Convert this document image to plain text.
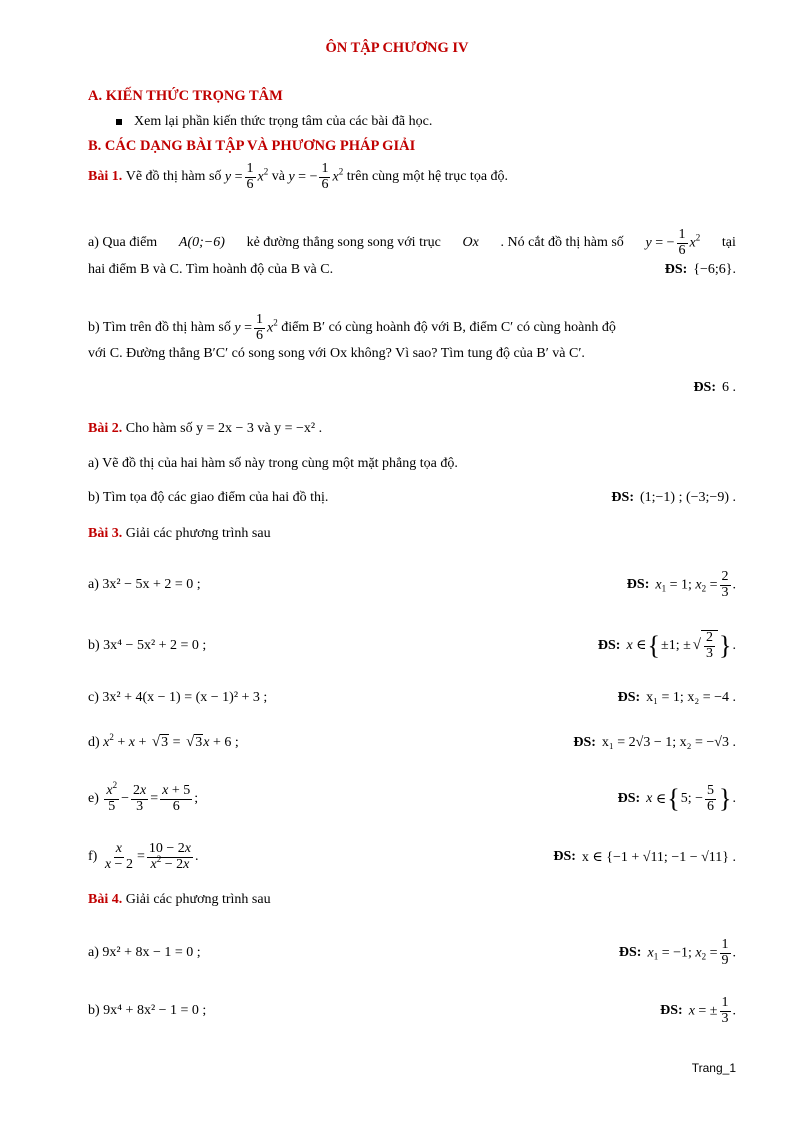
ÔN TẬP CHƯƠNG IV
A. KIẾN THỨC TRỌNG TÂM
Xem lại phần kiến thức trọng tâm của các bài đã học.
B. CÁC DẠNG BÀI TẬP VÀ PHƯƠNG PHÁP GIẢI
Bài 1.
Vẽ đồ thị hàm số
$y = \frac{1}{6} x^2$
và
y = − $\frac{1}{6} x^2$
trên cùng một hệ trục tọa độ.
a) Qua điểm A(0;−6) kẻ đường thẳng song song với trục Ox . Nó cắt đồ thị hàm số y = − $\frac{1}{6} x^2$ tại
hai điểm B và C. Tìm hoành độ của B và C.	ĐS: {−6;6}.
b) Tìm trên đồ thị hàm số
$y = \frac{1}{6} x^2$
điểm B′ có cùng hoành độ với B, điểm C′ có cùng hoành độ
với C. Đường thẳng B′C′ có song song với Ox không? Vì sao? Tìm tung độ của B′ và C′.
ĐS: 6 .
Bài 2.
Cho hàm số y = 2x − 3 và y = −x² .
a) Vẽ đồ thị của hai hàm số này trong cùng một mặt phẳng tọa độ.
b) Tìm tọa độ các giao điểm của hai đồ thị.	ĐS: (1;−1) ; (−3;−9) .
Bài 3.
Giải các phương trình sau
a)
3x² − 5x + 2 = 0 ;	ĐS: $x_1 = 1$; $x_2 = \frac{2}{3}$ .
b)
3x⁴ − 5x² + 2 = 0 ;	ĐS: x ∈ { ±1; ± √ $\frac{2}{3}$ } .
c)
3x² + 4(x − 1) = (x − 1)² + 3 ;	ĐS: x₁ = 1; x₂ = −4 .
d)
$x^2 + x + √3 = √3x + 6$ ;	ĐS: x₁ = 2√3 − 1; x₂ = −√3 .
e)
$\frac{x^2}{5} - \frac{2x}{3} = \frac{x + 5}{6}$ ;	ĐS: x ∈ { 5; − $\frac{5}{6}$ } .
f)
$\frac{x}{x - 2} = \frac{10 - 2x}{x^2 - 2x}$ .	ĐS: x ∈ {−1 + √11; −1 − √11} .
Bài 4.
Giải các phương trình sau
a)
9x² + 8x − 1 = 0 ;	ĐS: $x_1 = -1$; $x_2 = \frac{1}{9}$ .
b)
9x⁴ + 8x² − 1 = 0 ;	ĐS: x = ± $\frac{1}{3}$ .
Trang_1
